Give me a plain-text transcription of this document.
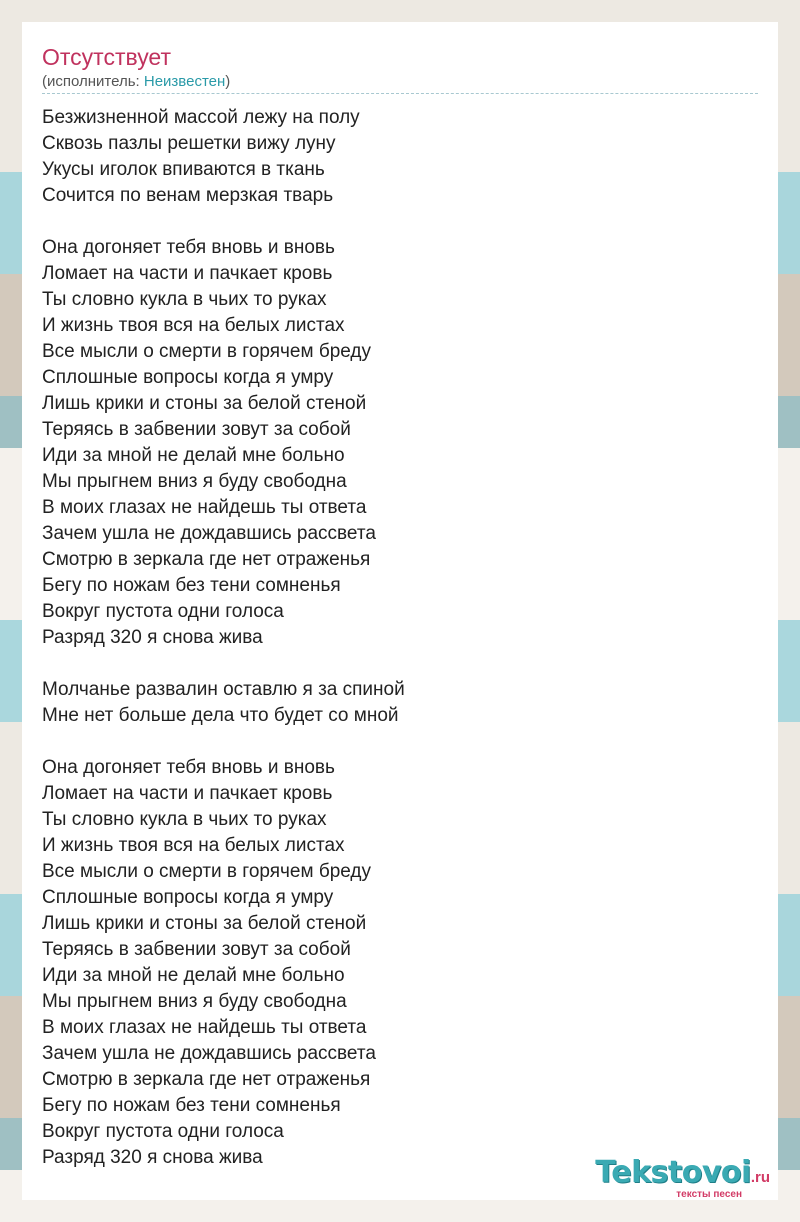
Отсутствует
(исполнитель: Неизвестен)
Безжизненной массой лежу на полу
Сквозь пазлы решетки вижу луну
Укусы иголок впиваются в ткань
Сочится по венам мерзкая тварь
Она догоняет тебя вновь и вновь
Ломает на части и пачкает кровь
Ты словно кукла в чьих то руках
И жизнь твоя вся на белых листах
Все мысли о смерти в горячем бреду
Сплошные вопросы когда я умру
Лишь крики и стоны за белой стеной
Теряясь в забвении зовут за собой
Иди за мной не делай мне больно
Мы прыгнем вниз я буду свободна
В моих глазах не найдешь ты ответа
Зачем ушла не дождавшись рассвета
Смотрю в зеркала где нет отраженья
Бегу по ножам без тени сомненья
Вокруг пустота одни голоса
Разряд 320 я снова жива
Молчанье развалин оставлю я за спиной
Мне нет больше дела что будет со мной
Она догоняет тебя вновь и вновь
Ломает на части и пачкает кровь
Ты словно кукла в чьих то руках
И жизнь твоя вся на белых листах
Все мысли о смерти в горячем бреду
Сплошные вопросы когда я умру
Лишь крики и стоны за белой стеной
Теряясь в забвении зовут за собой
Иди за мной не делай мне больно
Мы прыгнем вниз я буду свободна
В моих глазах не найдешь ты ответа
Зачем ушла не дождавшись рассвета
Смотрю в зеркала где нет отраженья
Бегу по ножам без тени сомненья
Вокруг пустота одни голоса
Разряд 320 я снова жива	Tekstovoi.ru
тексты песен
